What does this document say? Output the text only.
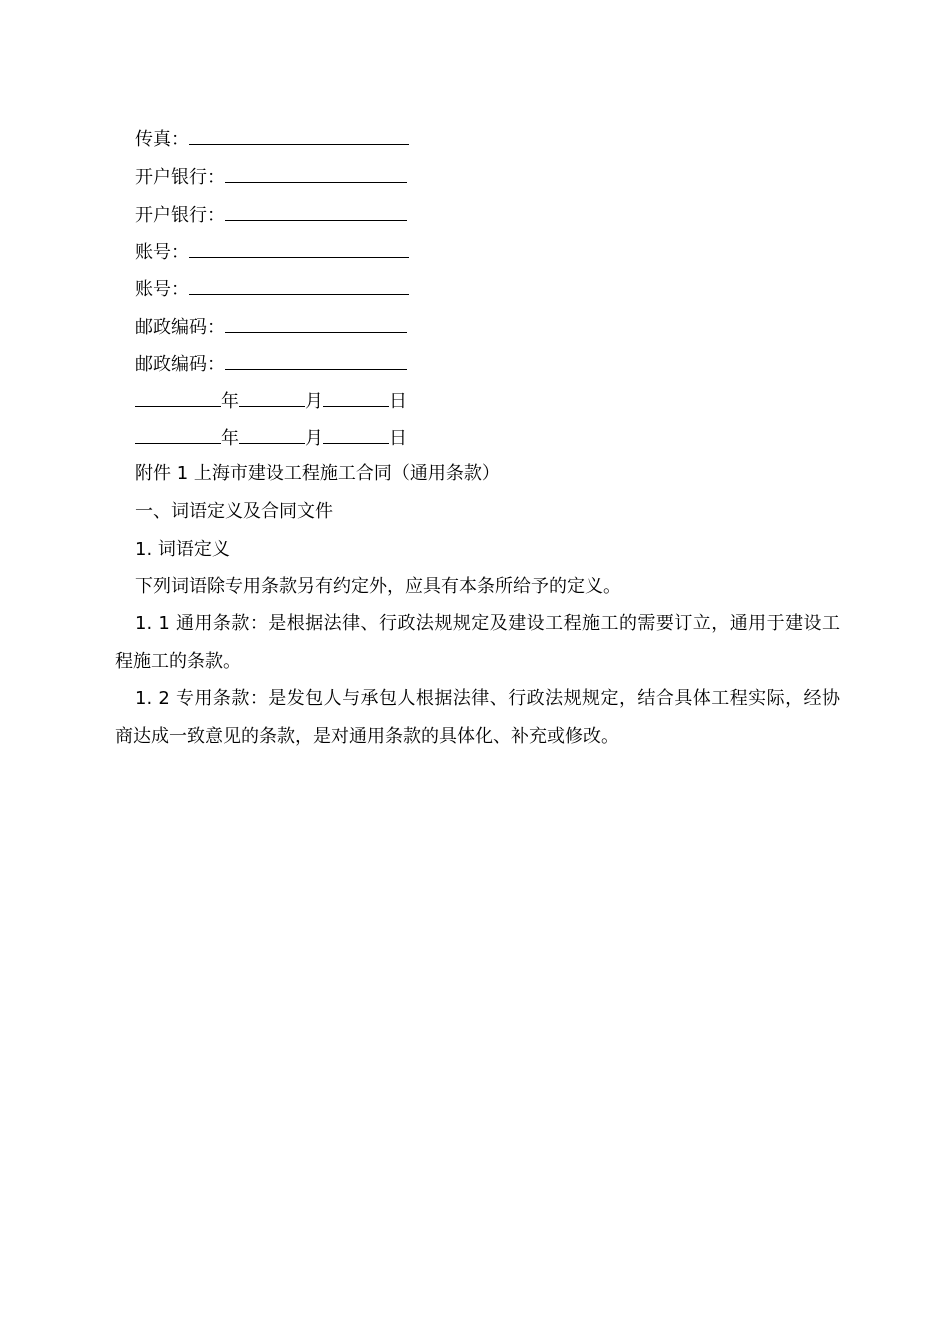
传真：
开户银行：
开户银行：
账号：
账号：
邮政编码：
邮政编码：
年	月	日
年	月	日
附件 1 上海市建设工程施工合同（通用条款）
一、词语定义及合同文件
1. 词语定义
下列词语除专用条款另有约定外，应具有本条所给予的定义。
1. 1 通用条款：是根据法律、行政法规规定及建设工程施工的需要订立，通用于建设工程施工的条款。
1. 2 专用条款：是发包人与承包人根据法律、行政法规规定，结合具体工程实际，经协商达成一致意见的条款，是对通用条款的具体化、补充或修改。
